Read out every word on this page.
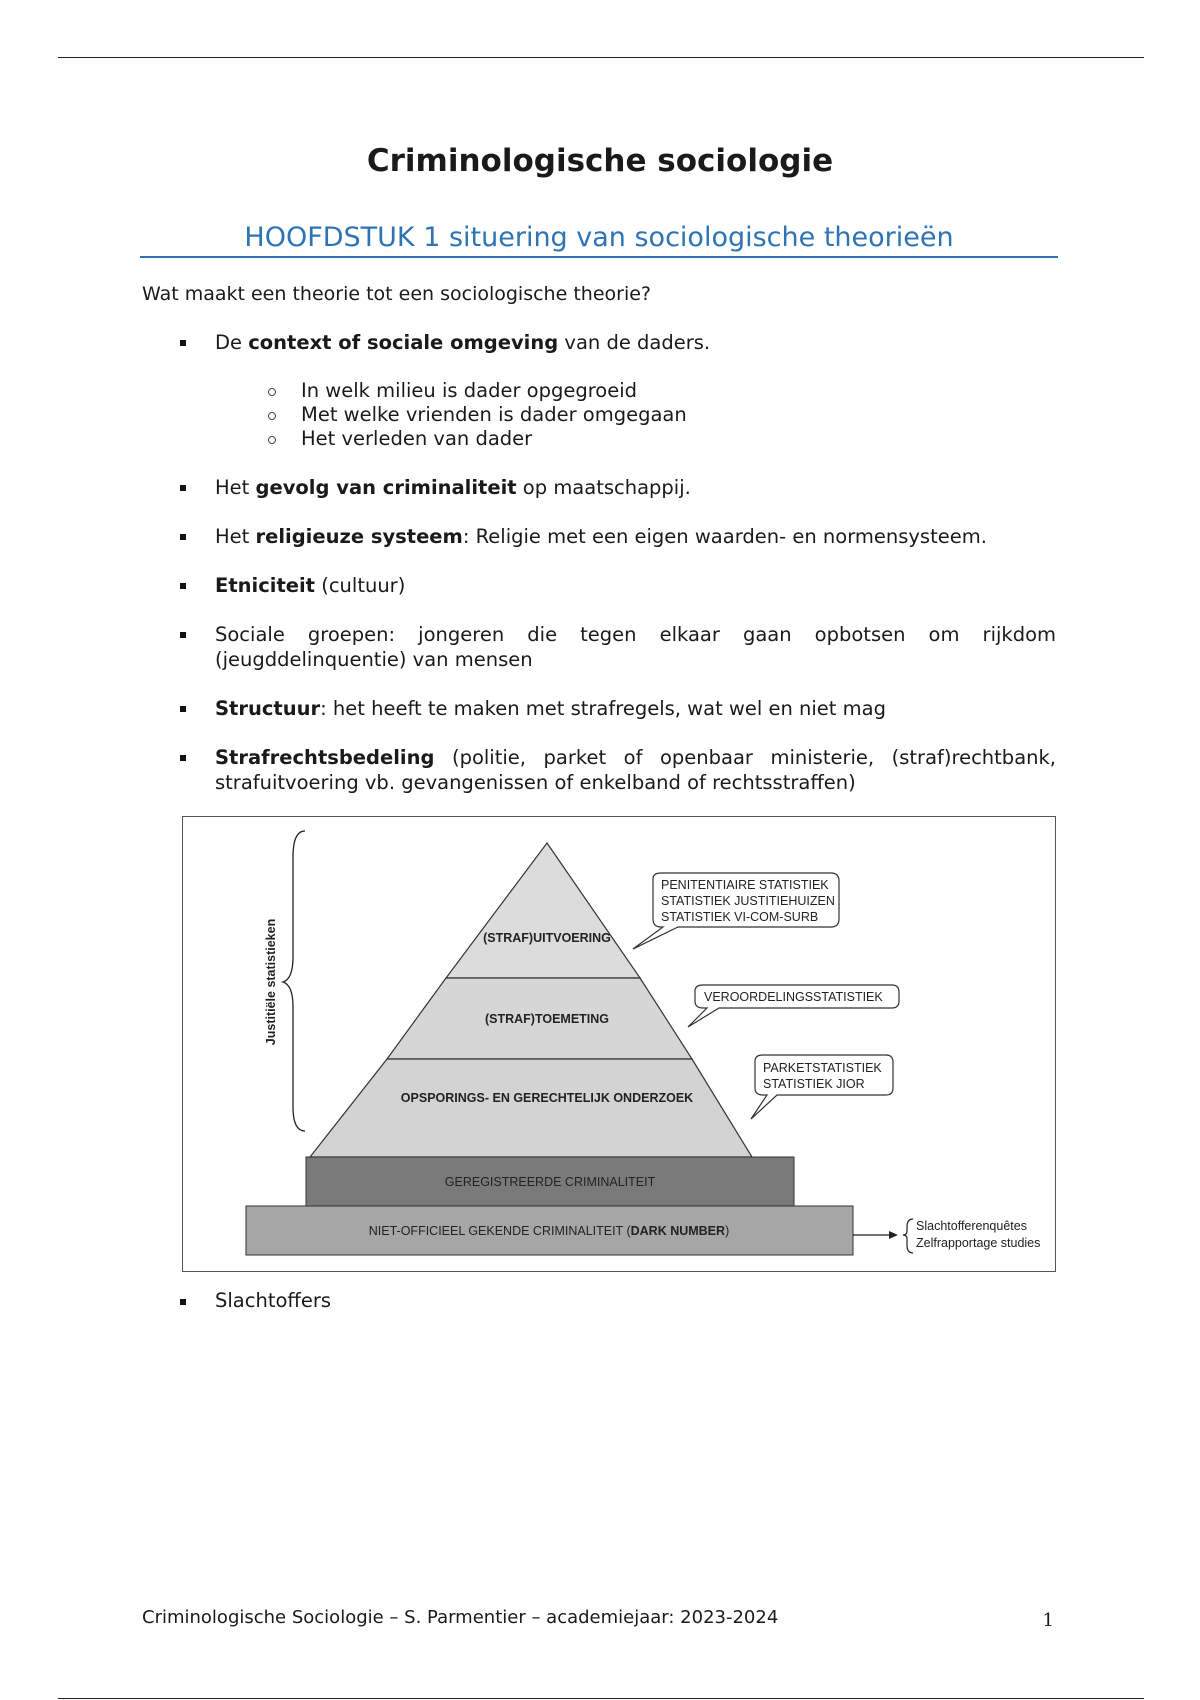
Criminologische sociologie
HOOFDSTUK 1 situering van sociologische theorieën

Wat maakt een theorie tot een sociologische theorie?

De context of sociale omgeving van de daders.
In welk milieu is dader opgegroeid
Met welke vrienden is dader omgegaan
Het verleden van dader
Het gevolg van criminaliteit op maatschappij.
Het religieuze systeem: Religie met een eigen waarden- en normensysteem.
Etniciteit (cultuur)
Sociale groepen: jongeren die tegen elkaar gaan opbotsen om rijkdom (jeugddelinquentie) van mensen
Structuur: het heeft te maken met strafregels, wat wel en niet mag
Strafrechtsbedeling (politie, parket of openbaar ministerie, (straf)rechtbank, strafuitvoering vb. gevangenissen of enkelband of rechtsstraffen)
Justitiële statistieken	(STRAF)UITVOERING
(STRAF)TOEMETING
OPSPORINGS- EN GERECHTELIJK ONDERZOEK
GEREGISTREERDE CRIMINALITEIT
NIET-OFFICIEEL GEKENDE CRIMINALITEIT (DARK NUMBER)	Slachtofferenquêtes
Zelfrapportage studies
PENITENTIAIRE STATISTIEK
STATISTIEK JUSTITIEHUIZEN
STATISTIEK VI-COM-SURB
VEROORDELINGSSTATISTIEK
PARKETSTATISTIEK
STATISTIEK JIOR
Slachtoffers
Criminologische Sociologie – S. Parmentier – academiejaar: 2023-2024	1
